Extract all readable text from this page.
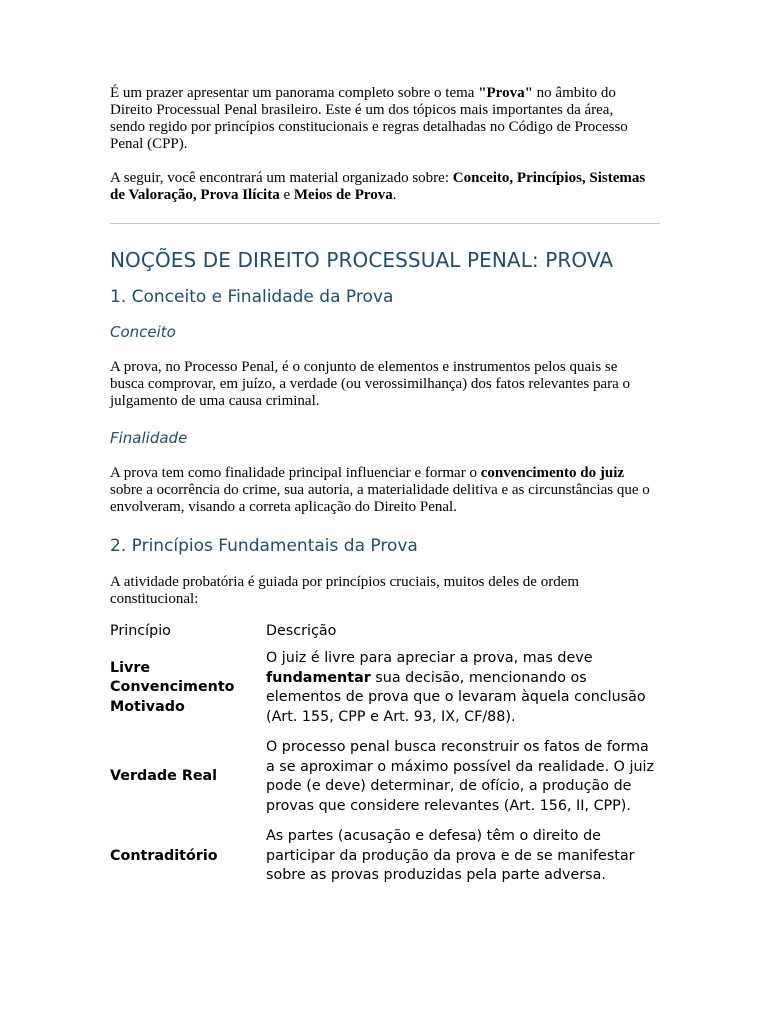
É um prazer apresentar um panorama completo sobre o tema "Prova" no âmbito do Direito Processual Penal brasileiro. Este é um dos tópicos mais importantes da área, sendo regido por princípios constitucionais e regras detalhadas no Código de Processo Penal (CPP).

A seguir, você encontrará um material organizado sobre: Conceito, Princípios, Sistemas de Valoração, Prova Ilícita e Meios de Prova.

NOÇÕES DE DIREITO PROCESSUAL PENAL: PROVA
1. Conceito e Finalidade da Prova
Conceito

A prova, no Processo Penal, é o conjunto de elementos e instrumentos pelos quais se busca comprovar, em juízo, a verdade (ou verossimilhança) dos fatos relevantes para o julgamento de uma causa criminal.

Finalidade

A prova tem como finalidade principal influenciar e formar o convencimento do juiz sobre a ocorrência do crime, sua autoria, a materialidade delitiva e as circunstâncias que o envolveram, visando a correta aplicação do Direito Penal.

2. Princípios Fundamentais da Prova

A atividade probatória é guiada por princípios cruciais, muitos deles de ordem constitucional:

Princípio	Descrição
Livre Convencimento Motivado	O juiz é livre para apreciar a prova, mas deve fundamentar sua decisão, mencionando os elementos de prova que o levaram àquela conclusão (Art. 155, CPP e Art. 93, IX, CF/88).
Verdade Real	O processo penal busca reconstruir os fatos de forma a se aproximar o máximo possível da realidade. O juiz pode (e deve) determinar, de ofício, a produção de provas que considere relevantes (Art. 156, II, CPP).
Contraditório	As partes (acusação e defesa) têm o direito de participar da produção da prova e de se manifestar sobre as provas produzidas pela parte adversa.
